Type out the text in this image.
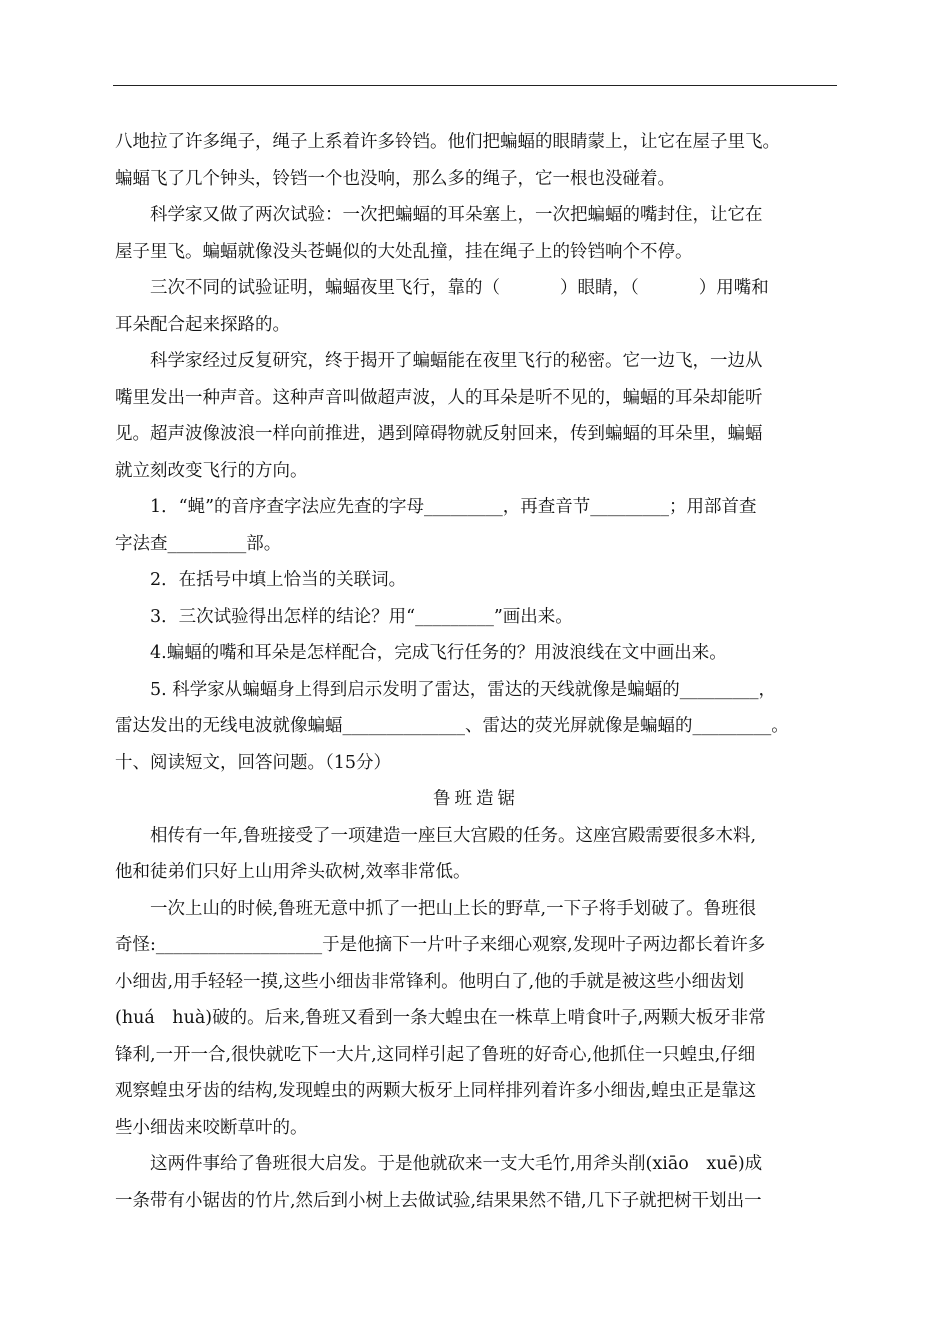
八地拉了许多绳子，绳子上系着许多铃铛。他们把蝙蝠的眼睛蒙上，让它在屋子里飞。
蝙蝠飞了几个钟头，铃铛一个也没响，那么多的绳子，它一根也没碰着。
科学家又做了两次试验：一次把蝙蝠的耳朵塞上，一次把蝙蝠的嘴封住，让它在
屋子里飞。蝙蝠就像没头苍蝇似的大处乱撞，挂在绳子上的铃铛响个不停。
三次不同的试验证明，蝙蝠夜里飞行，靠的（	）眼睛，（	）用嘴和
耳朵配合起来探路的。
科学家经过反复研究，终于揭开了蝙蝠能在夜里飞行的秘密。它一边飞，一边从
嘴里发出一种声音。这种声音叫做超声波，人的耳朵是听不见的，蝙蝠的耳朵却能听
见。超声波像波浪一样向前推进，遇到障碍物就反射回来，传到蝙蝠的耳朵里，蝙蝠
就立刻改变飞行的方向。
1．“蝇”的音序查字法应先查的字母_________，再查音节_________；用部首查
字法查_________部。
2．在括号中填上恰当的关联词。
3．三次试验得出怎样的结论？用“_________”画出来。
4.蝙蝠的嘴和耳朵是怎样配合，完成飞行任务的？用波浪线在文中画出来。
5. 科学家从蝙蝠身上得到启示发明了雷达，雷达的天线就像是蝙蝠的_________，
雷达发出的无线电波就像蝙蝠______________、雷达的荧光屏就像是蝙蝠的_________。
十、阅读短文，回答问题。（15分）
鲁班造锯
相传有一年,鲁班接受了一项建造一座巨大宫殿的任务。这座宫殿需要很多木料,
他和徒弟们只好上山用斧头砍树,效率非常低。
一次上山的时候,鲁班无意中抓了一把山上长的野草,一下子将手划破了。鲁班很
奇怪:___________________于是他摘下一片叶子来细心观察,发现叶子两边都长着许多
小细齿,用手轻轻一摸,这些小细齿非常锋利。他明白了,他的手就是被这些小细齿划
(huá　huà)破的。后来,鲁班又看到一条大蝗虫在一株草上啃食叶子,两颗大板牙非常
锋利,一开一合,很快就吃下一大片,这同样引起了鲁班的好奇心,他抓住一只蝗虫,仔细
观察蝗虫牙齿的结构,发现蝗虫的两颗大板牙上同样排列着许多小细齿,蝗虫正是靠这
些小细齿来咬断草叶的。
这两件事给了鲁班很大启发。于是他就砍来一支大毛竹,用斧头削(xiāo　xuē)成
一条带有小锯齿的竹片,然后到小树上去做试验,结果果然不错,几下子就把树干划出一
